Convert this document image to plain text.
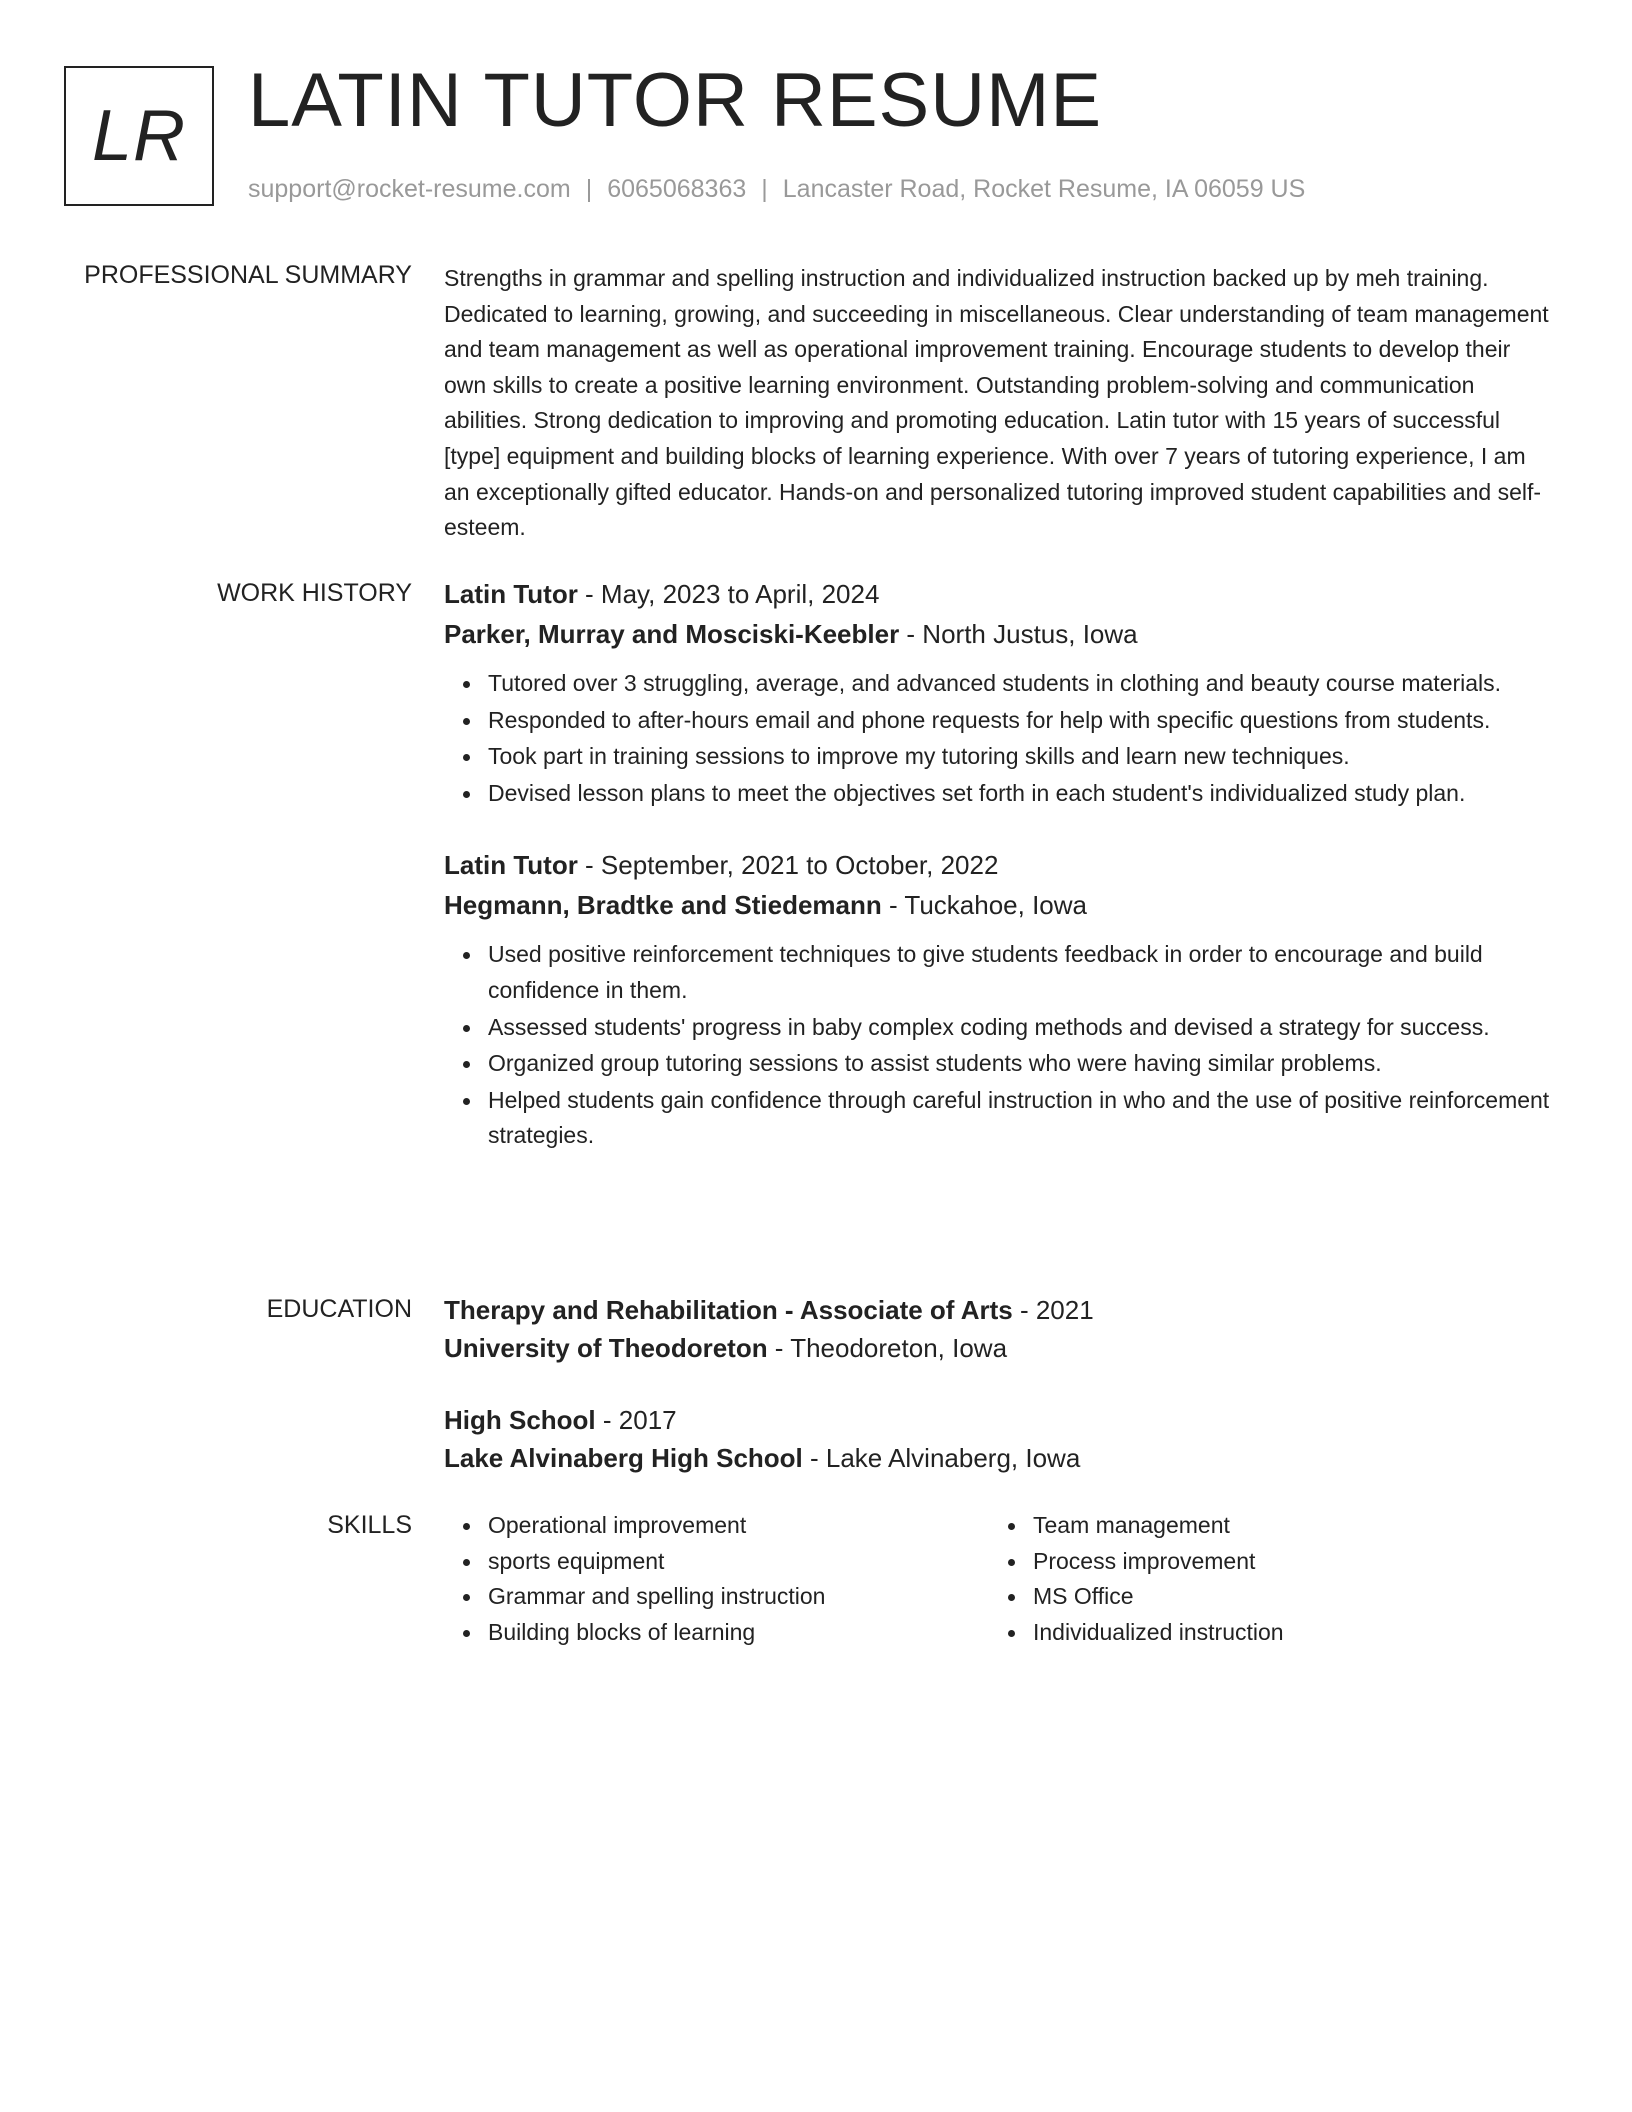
LR LATIN TUTOR RESUME
support@rocket-resume.com | 6065068363 | Lancaster Road, Rocket Resume, IA 06059 US
PROFESSIONAL SUMMARY Strengths in grammar and spelling instruction and individualized instruction backed up by meh training. Dedicated to learning, growing, and succeeding in miscellaneous. Clear understanding of team management and team management as well as operational improvement training. Encourage students to develop their own skills to create a positive learning environment. Outstanding problem-solving and communication abilities. Strong dedication to improving and promoting education. Latin tutor with 15 years of successful [type] equipment and building blocks of learning experience. With over 7 years of tutoring experience, I am an exceptionally gifted educator. Hands-on and personalized tutoring improved student capabilities and self-esteem.

WORK HISTORY Latin Tutor - May, 2023 to April, 2024

Parker, Murray and Mosciski-Keebler - North Justus, Iowa

Tutored over 3 struggling, average, and advanced students in clothing and beauty course materials.
Responded to after-hours email and phone requests for help with specific questions from students.
Took part in training sessions to improve my tutoring skills and learn new techniques.
Devised lesson plans to meet the objectives set forth in each student's individualized study plan.

Latin Tutor - September, 2021 to October, 2022

Hegmann, Bradtke and Stiedemann - Tuckahoe, Iowa

Used positive reinforcement techniques to give students feedback in order to encourage and build confidence in them.
Assessed students' progress in baby complex coding methods and devised a strategy for success.
Organized group tutoring sessions to assist students who were having similar problems.
Helped students gain confidence through careful instruction in who and the use of positive reinforcement strategies.
EDUCATION Therapy and Rehabilitation - Associate of Arts - 2021

University of Theodoreton - Theodoreton, Iowa

High School - 2017

Lake Alvinaberg High School - Lake Alvinaberg, Iowa

SKILLS	Operational improvement
sports equipment
Grammar and spelling instruction
Building blocks of learning
Team management
Process improvement
MS Office
Individualized instruction
